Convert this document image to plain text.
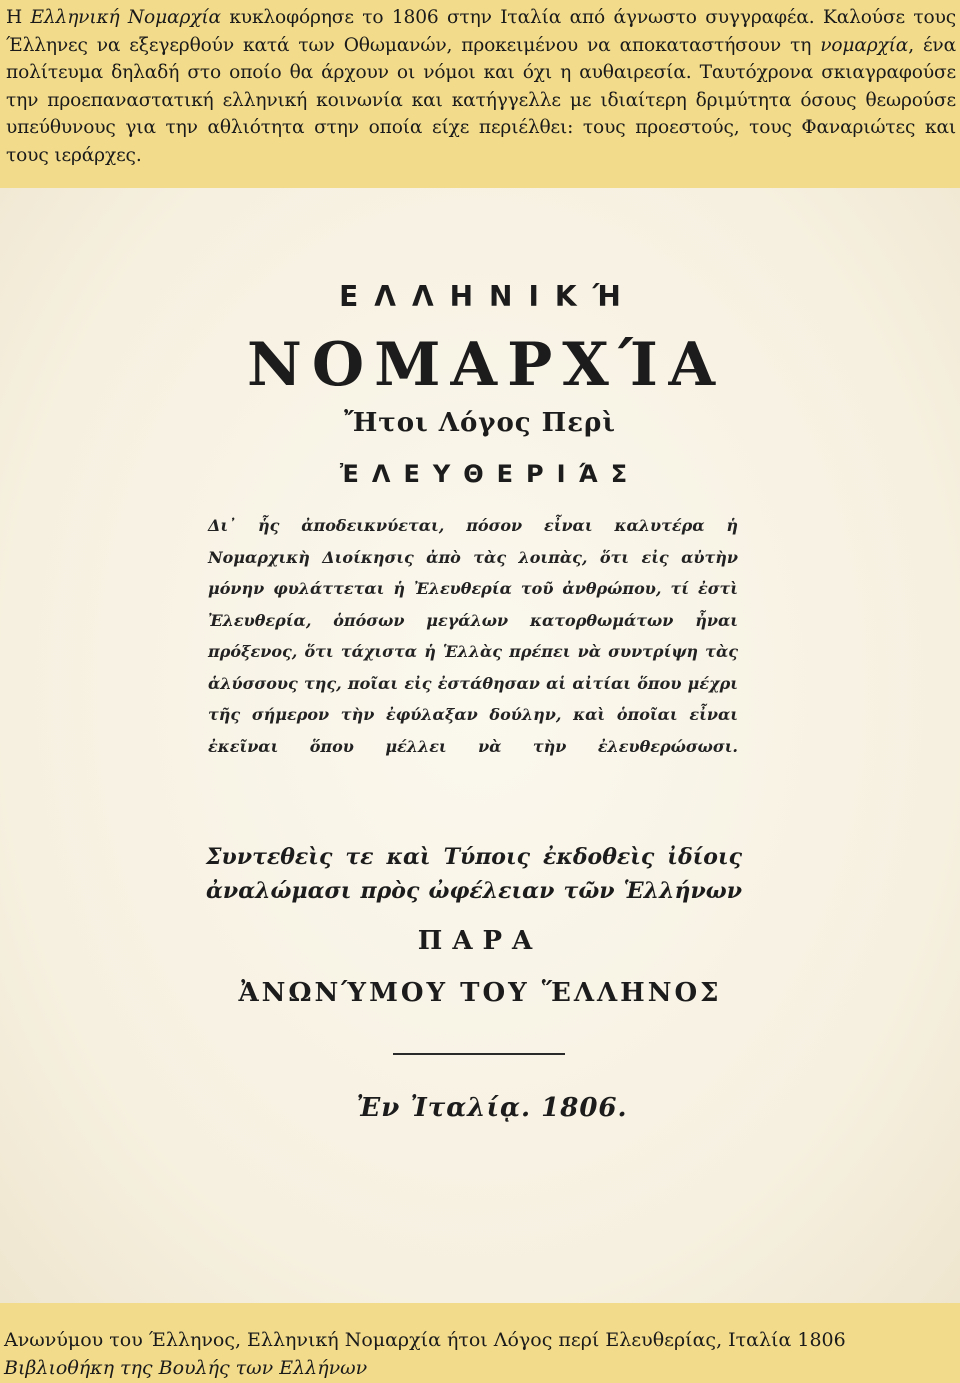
Η Ελληνική Νομαρχία κυκλοφόρησε το 1806 στην Ιταλία από άγνωστο συγγραφέα. Καλούσε τους Έλληνες να εξεγερθούν κατά των Οθωμανών, προκειμένου να αποκαταστήσουν τη νομαρχία, ένα πολίτευμα δηλαδή στο οποίο θα άρχουν οι νόμοι και όχι η αυθαιρεσία. Ταυτόχρονα σκιαγραφούσε την προεπαναστατική ελληνική κοινωνία και κατήγγελλε με ιδιαίτερη δριμύτητα όσους θεωρούσε υπεύθυνους για την αθλιότητα στην οποία είχε περιέλθει: τους προεστούς, τους Φαναριώτες και τους ιεράρχες.
ΕΛΛΗΝΙΚΉ
ΝΟΜΑΡΧΊΑ
Ἤτοι Λόγος Περὶ
ἘΛΕΥΘΕΡΙΆΣ
Δι᾽ ἧς ἀποδεικνύεται, πόσον εἶναι καλυτέρα ἡ Νομαρχικὴ Διοίκησις ἀπὸ τὰς λοιπὰς, ὅτι εἰς αὐτὴν μόνην φυλάττεται ἡ Ἐλευθερία τοῦ ἀνθρώπου, τί ἐστὶ Ἐλευθερία, ὁπόσων μεγάλων κατορθωμάτων ἦναι πρόξενος, ὅτι τάχιστα ἡ Ἑλλὰς πρέπει νὰ συντρίψη τὰς ἁλύσσους της, ποῖαι εἰς ἐστάθησαν αἱ αἰτίαι ὅπου μέχρι τῆς σήμερον τὴν ἐφύλαξαν δούλην, καὶ ὁποῖαι εἶναι ἐκεῖναι ὅπου μέλλει νὰ τὴν ἐλευθερώσωσι.
Συντεθεὶς τε καὶ Τύποις ἐκδοθεὶς ἰδίοις ἀναλώμασι πρὸς ὠφέλειαν τῶν Ἑλλήνων
ΠΑΡΑ
ἈΝΩΝΎΜΟΥ ΤΟΥ ἝΛΛΗΝΟΣ
Ἐν Ἰταλίᾳ. 1806.
Ανωνύμου του Έλληνος, Ελληνική Νομαρχία ήτοι Λόγος περί Ελευθερίας, Ιταλία 1806
Βιβλιοθήκη της Βουλής των Ελλήνων
